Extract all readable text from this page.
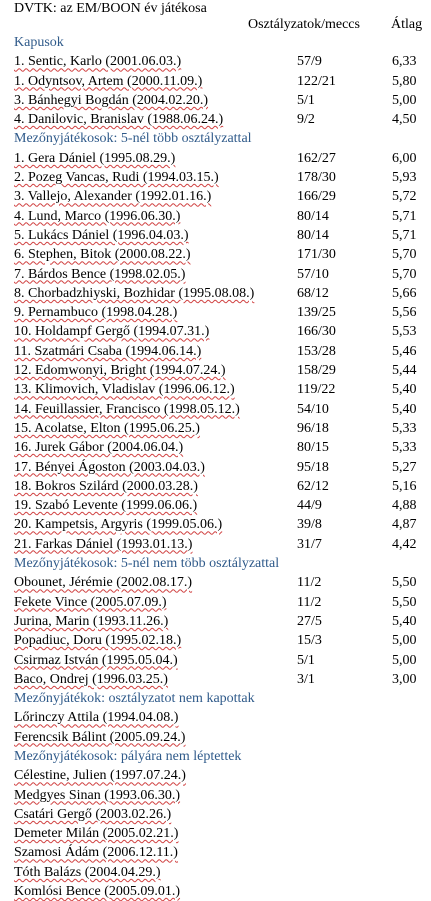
DVTK: az EM/BOON év játékosa
Osztályzatok/meccs Átlag
Kapusok
1. Sentic, Karlo (2001.06.03.)	57/9	6,33
1. Odyntsov, Artem (2000.11.09.)	122/21	5,80
3. Bánhegyi Bogdán (2004.02.20.)	5/1	5,00
4. Danilovic, Branislav (1988.06.24.)	9/2	4,50
Mezőnyjátékosok: 5-nél több osztályzattal
1. Gera Dániel (1995.08.29.)	162/27	6,00
2. Pozeg Vancas, Rudi (1994.03.15.)	178/30	5,93
3. Vallejo, Alexander (1992.01.16.)	166/29	5,72
4. Lund, Marco (1996.06.30.)	80/14	5,71
5. Lukács Dániel (1996.04.03.)	80/14	5,71
6. Stephen, Bitok (2000.08.22.)	171/30	5,70
7. Bárdos Bence (1998.02.05.)	57/10	5,70
8. Chorbadzhiyski, Bozhidar (1995.08.08.)	68/12	5,66
9. Pernambuco (1998.04.28.)	139/25	5,56
10. Holdampf Gergő (1994.07.31.)	166/30	5,53
11. Szatmári Csaba (1994.06.14.)	153/28	5,46
12. Edomwonyi, Bright (1994.07.24.)	158/29	5,44
13. Klimovich, Vladislav (1996.06.12.)	119/22	5,40
14. Feuillassier, Francisco (1998.05.12.)	54/10	5,40
15. Acolatse, Elton (1995.06.25.)	96/18	5,33
16. Jurek Gábor (2004.06.04.)	80/15	5,33
17. Bényei Ágoston (2003.04.03.)	95/18	5,27
18. Bokros Szilárd (2000.03.28.)	62/12	5,16
19. Szabó Levente (1999.06.06.)	44/9	4,88
20. Kampetsis, Argyris (1999.05.06.)	39/8	4,87
21. Farkas Dániel (1993.01.13.)	31/7	4,42
Mezőnyjátékosok: 5-nél nem több osztályzattal
Obounet, Jérémie (2002.08.17.)	11/2	5,50
Fekete Vince (2005.07.09.)	11/2	5,50
Jurina, Marin (1993.11.26.)	27/5	5,40
Popadiuc, Doru (1995.02.18.)	15/3	5,00
Csirmaz István (1995.05.04.)	5/1	5,00
Baco, Ondrej (1996.03.25.)	3/1	3,00
Mezőnyjátékok: osztályzatot nem kapottak
Lőrinczy Attila (1994.04.08.)
Ferencsik Bálint (2005.09.24.)
Mezőnyjátékosok: pályára nem léptettek
Célestine, Julien (1997.07.24.)
Medgyes Sinan (1993.06.30.)
Csatári Gergő (2003.02.26.)
Demeter Milán (2005.02.21.)
Szamosi Ádám (2006.12.11.)
Tóth Balázs (2004.04.29.)
Komlósi Bence (2005.09.01.)
